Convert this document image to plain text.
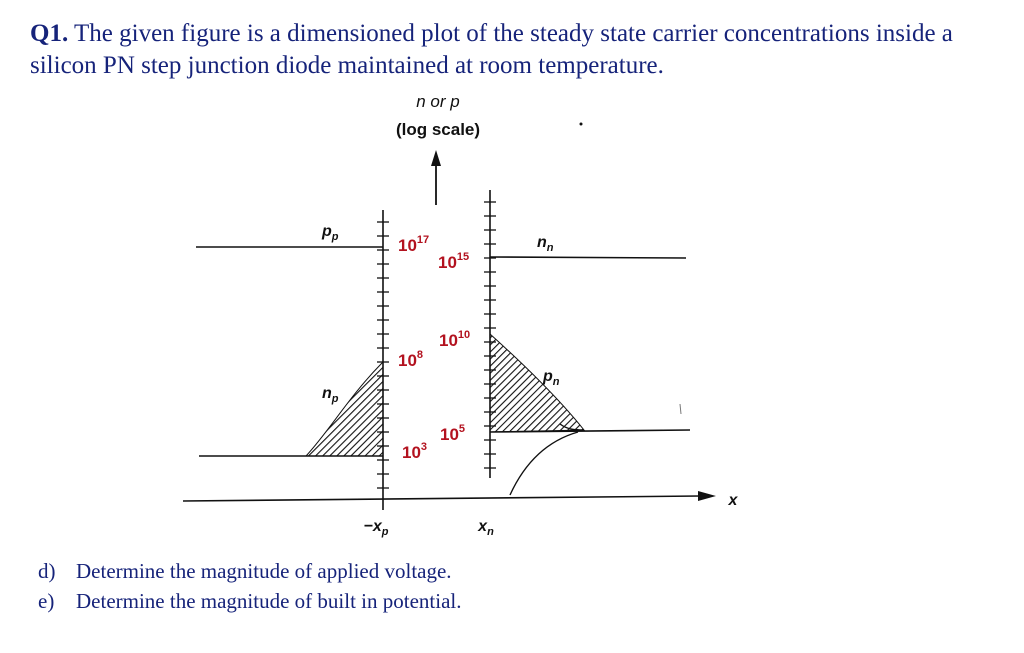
Q1. The given figure is a dimensioned plot of the steady state carrier concentrations inside a silicon PN step junction diode maintained at room temperature.

n or p
(log scale)
x
$-x_p$	$x_n$
$p_p$
$n_p$
$n_n$
$p_n$
$10^{17}$
$10^{15}$
$10^{10}$
$10^8$
$10^5$
$10^3$
d) Determine the magnitude of applied voltage.
e) Determine the magnitude of built in potential.
